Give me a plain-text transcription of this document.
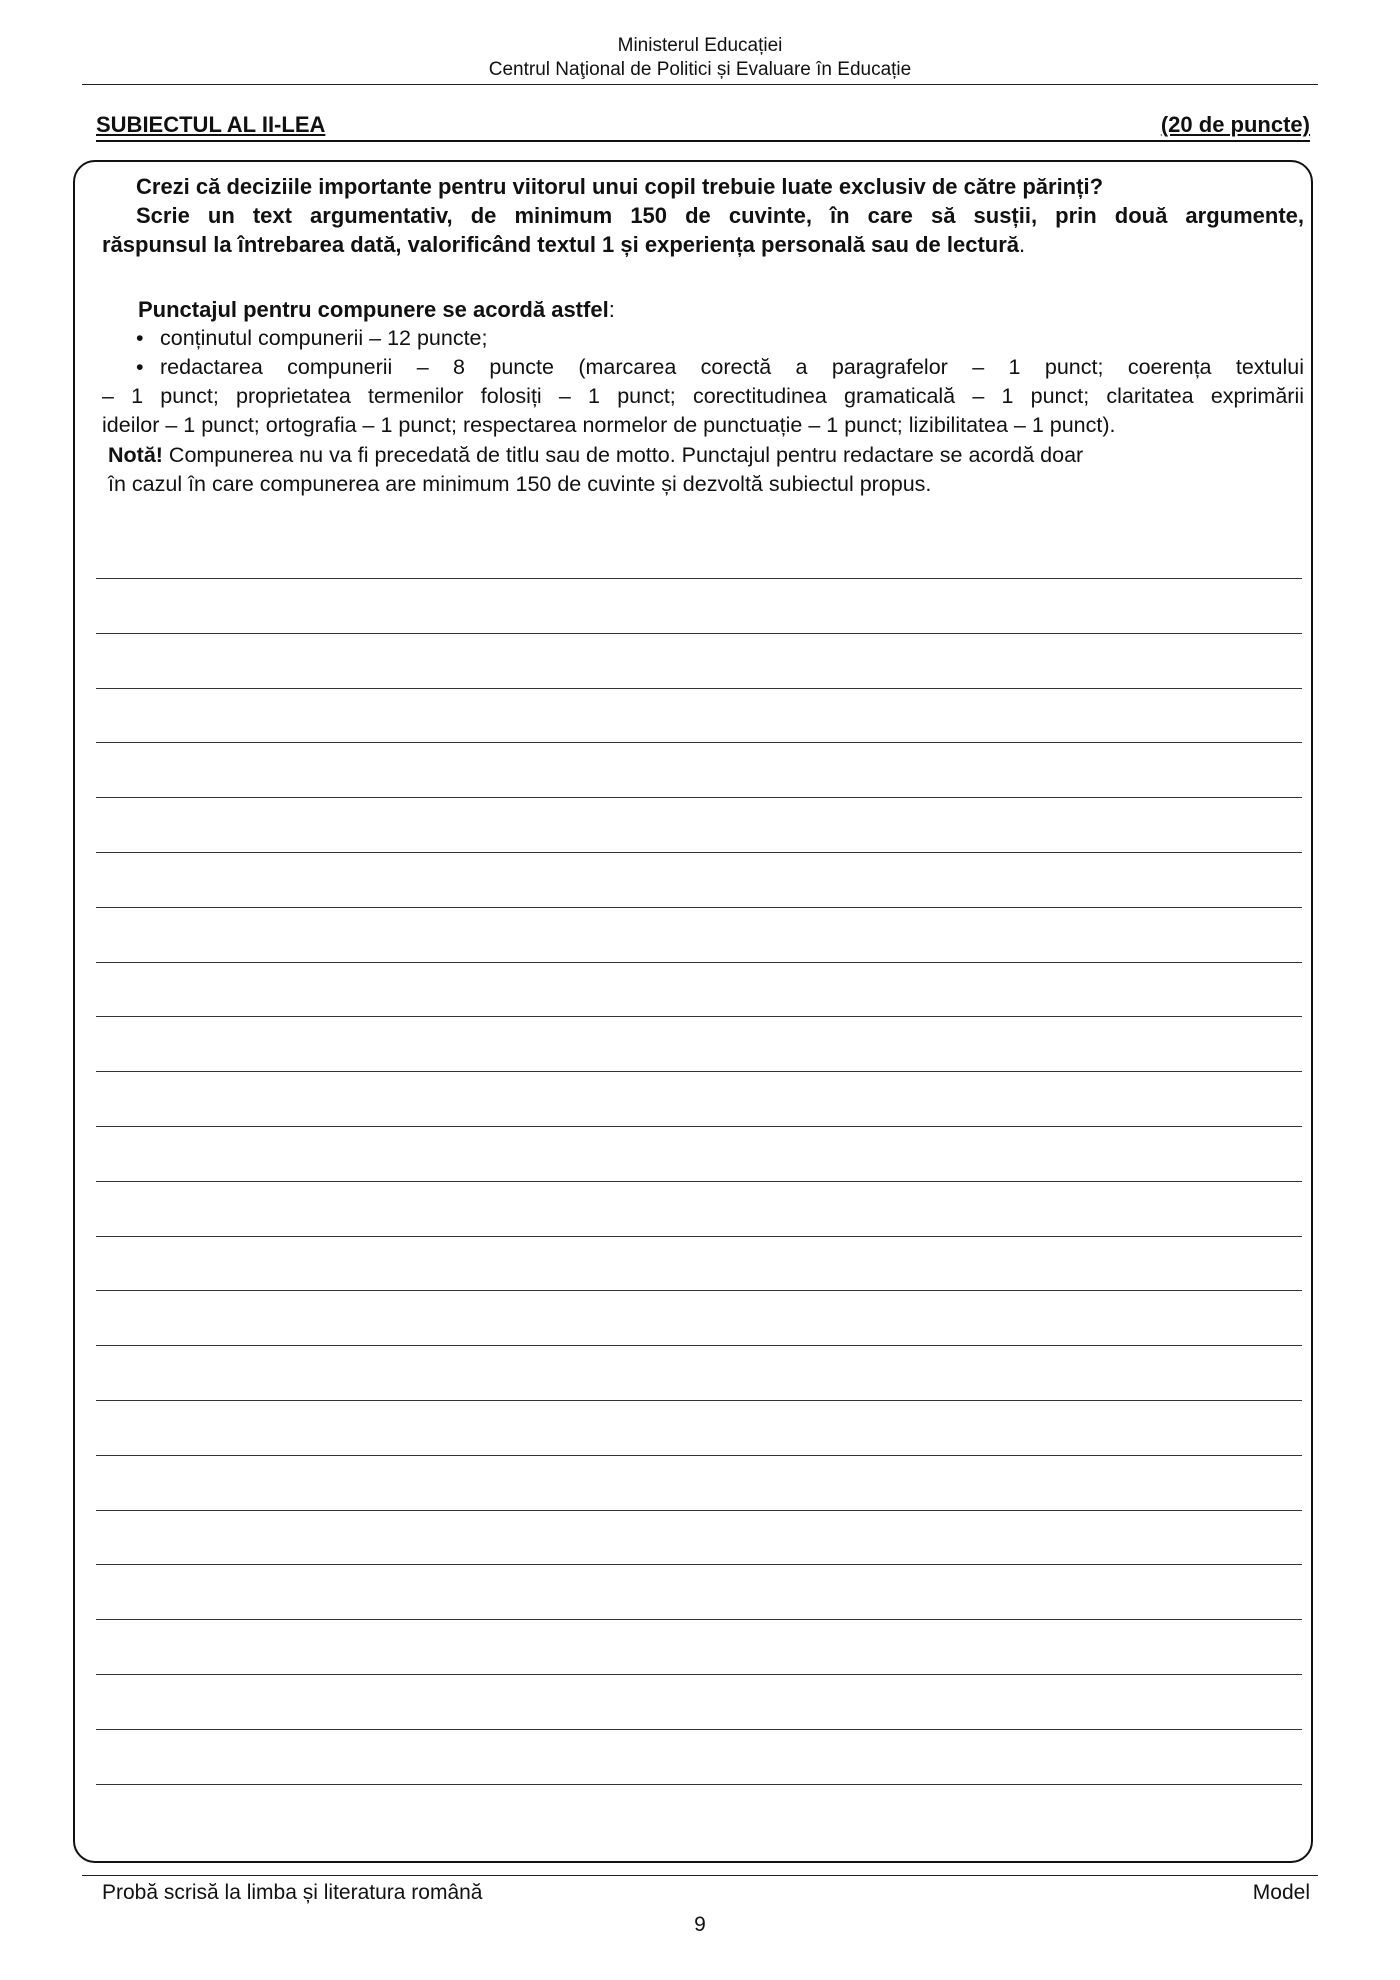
Ministerul Educației
Centrul Naţional de Politici și Evaluare în Educație
SUBIECTUL AL II-LEA	(20 de puncte)
Crezi că deciziile importante pentru viitorul unui copil trebuie luate exclusiv de către părinți?
Scrie un text argumentativ, de minimum 150 de cuvinte, în care să susții, prin două argumente,
răspunsul la întrebarea dată, valorificând textul 1 și experiența personală sau de lectură.
Punctajul pentru compunere se acordă astfel:
• conținutul compunerii – 12 puncte;
• redactarea compunerii – 8 puncte (marcarea corectă a paragrafelor – 1 punct; coerența textului
– 1 punct; proprietatea termenilor folosiți – 1 punct; corectitudinea gramaticală – 1 punct; claritatea exprimării
ideilor – 1 punct; ortografia – 1 punct; respectarea normelor de punctuație – 1 punct; lizibilitatea – 1 punct).
Notă! Compunerea nu va fi precedată de titlu sau de motto. Punctajul pentru redactare se acordă doar
în cazul în care compunerea are minimum 150 de cuvinte și dezvoltă subiectul propus.
Probă scrisă la limba și literatura română	Model
9
